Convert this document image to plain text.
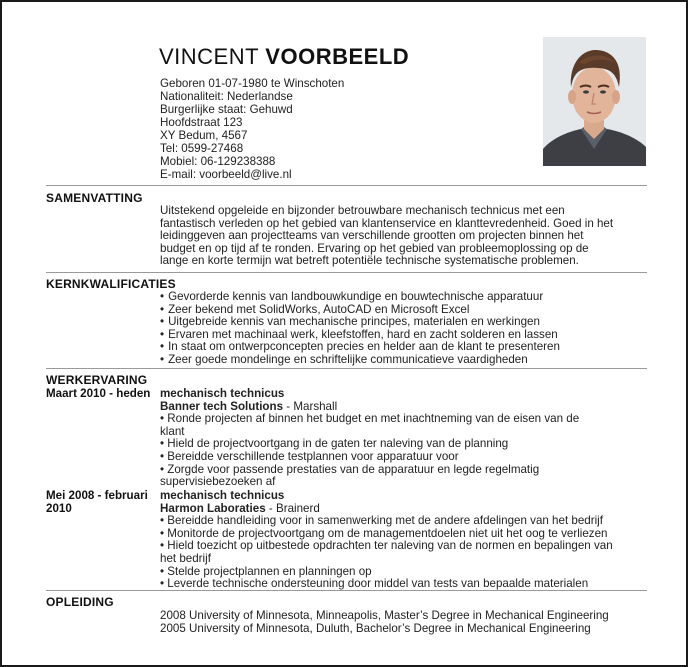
VINCENT VOORBEELD
Geboren 01-07-1980 te Winschoten
Nationaliteit: Nederlandse
Burgerlijke staat: Gehuwd
Hoofdstraat 123
XY Bedum, 4567
Tel: 0599-27468
Mobiel: 06-129238388
E-mail: voorbeeld@live.nl
SAMENVATTING
Uitstekend opgeleide en bijzonder betrouwbare mechanisch technicus met een
fantastisch verleden op het gebied van klantenservice en klanttevredenheid. Goed in het
leidinggeven aan projectteams van verschillende grootten om projecten binnen het
budget en op tijd af te ronden. Ervaring op het gebied van probleemoplossing op de
lange en korte termijn wat betreft potentiële technische systematische problemen.
KERNKWALIFICATIES
• Gevorderde kennis van landbouwkundige en bouwtechnische apparatuur
• Zeer bekend met SolidWorks, AutoCAD en Microsoft Excel
• Uitgebreide kennis van mechanische principes, materialen en werkingen
• Ervaren met machinaal werk, kleefstoffen, hard en zacht solderen en lassen
• In staat om ontwerpconcepten precies en helder aan de klant te presenteren
• Zeer goede mondelinge en schriftelijke communicatieve vaardigheden
WERKERVARING
Maart 2010 - heden mechanisch technicus
Banner tech Solutions - Marshall
• Ronde projecten af binnen het budget en met inachtneming van de eisen van de
klant
• Hield de projectvoortgang in de gaten ter naleving van de planning
• Bereidde verschillende testplannen voor apparatuur voor
• Zorgde voor passende prestaties van de apparatuur en legde regelmatig
supervisiebezoeken af
Mei 2008 - februari
2010
mechanisch technicus
Harmon Laboraties - Brainerd
• Bereidde handleiding voor in samenwerking met de andere afdelingen van het bedrijf
• Monitorde de projectvoortgang om de managementdoelen niet uit het oog te verliezen
• Hield toezicht op uitbestede opdrachten ter naleving van de normen en bepalingen van
het bedrijf
• Stelde projectplannen en planningen op
• Leverde technische ondersteuning door middel van tests van bepaalde materialen
OPLEIDING
2008 University of Minnesota, Minneapolis, Master’s Degree in Mechanical Engineering
2005 University of Minnesota, Duluth, Bachelor’s Degree in Mechanical Engineering
